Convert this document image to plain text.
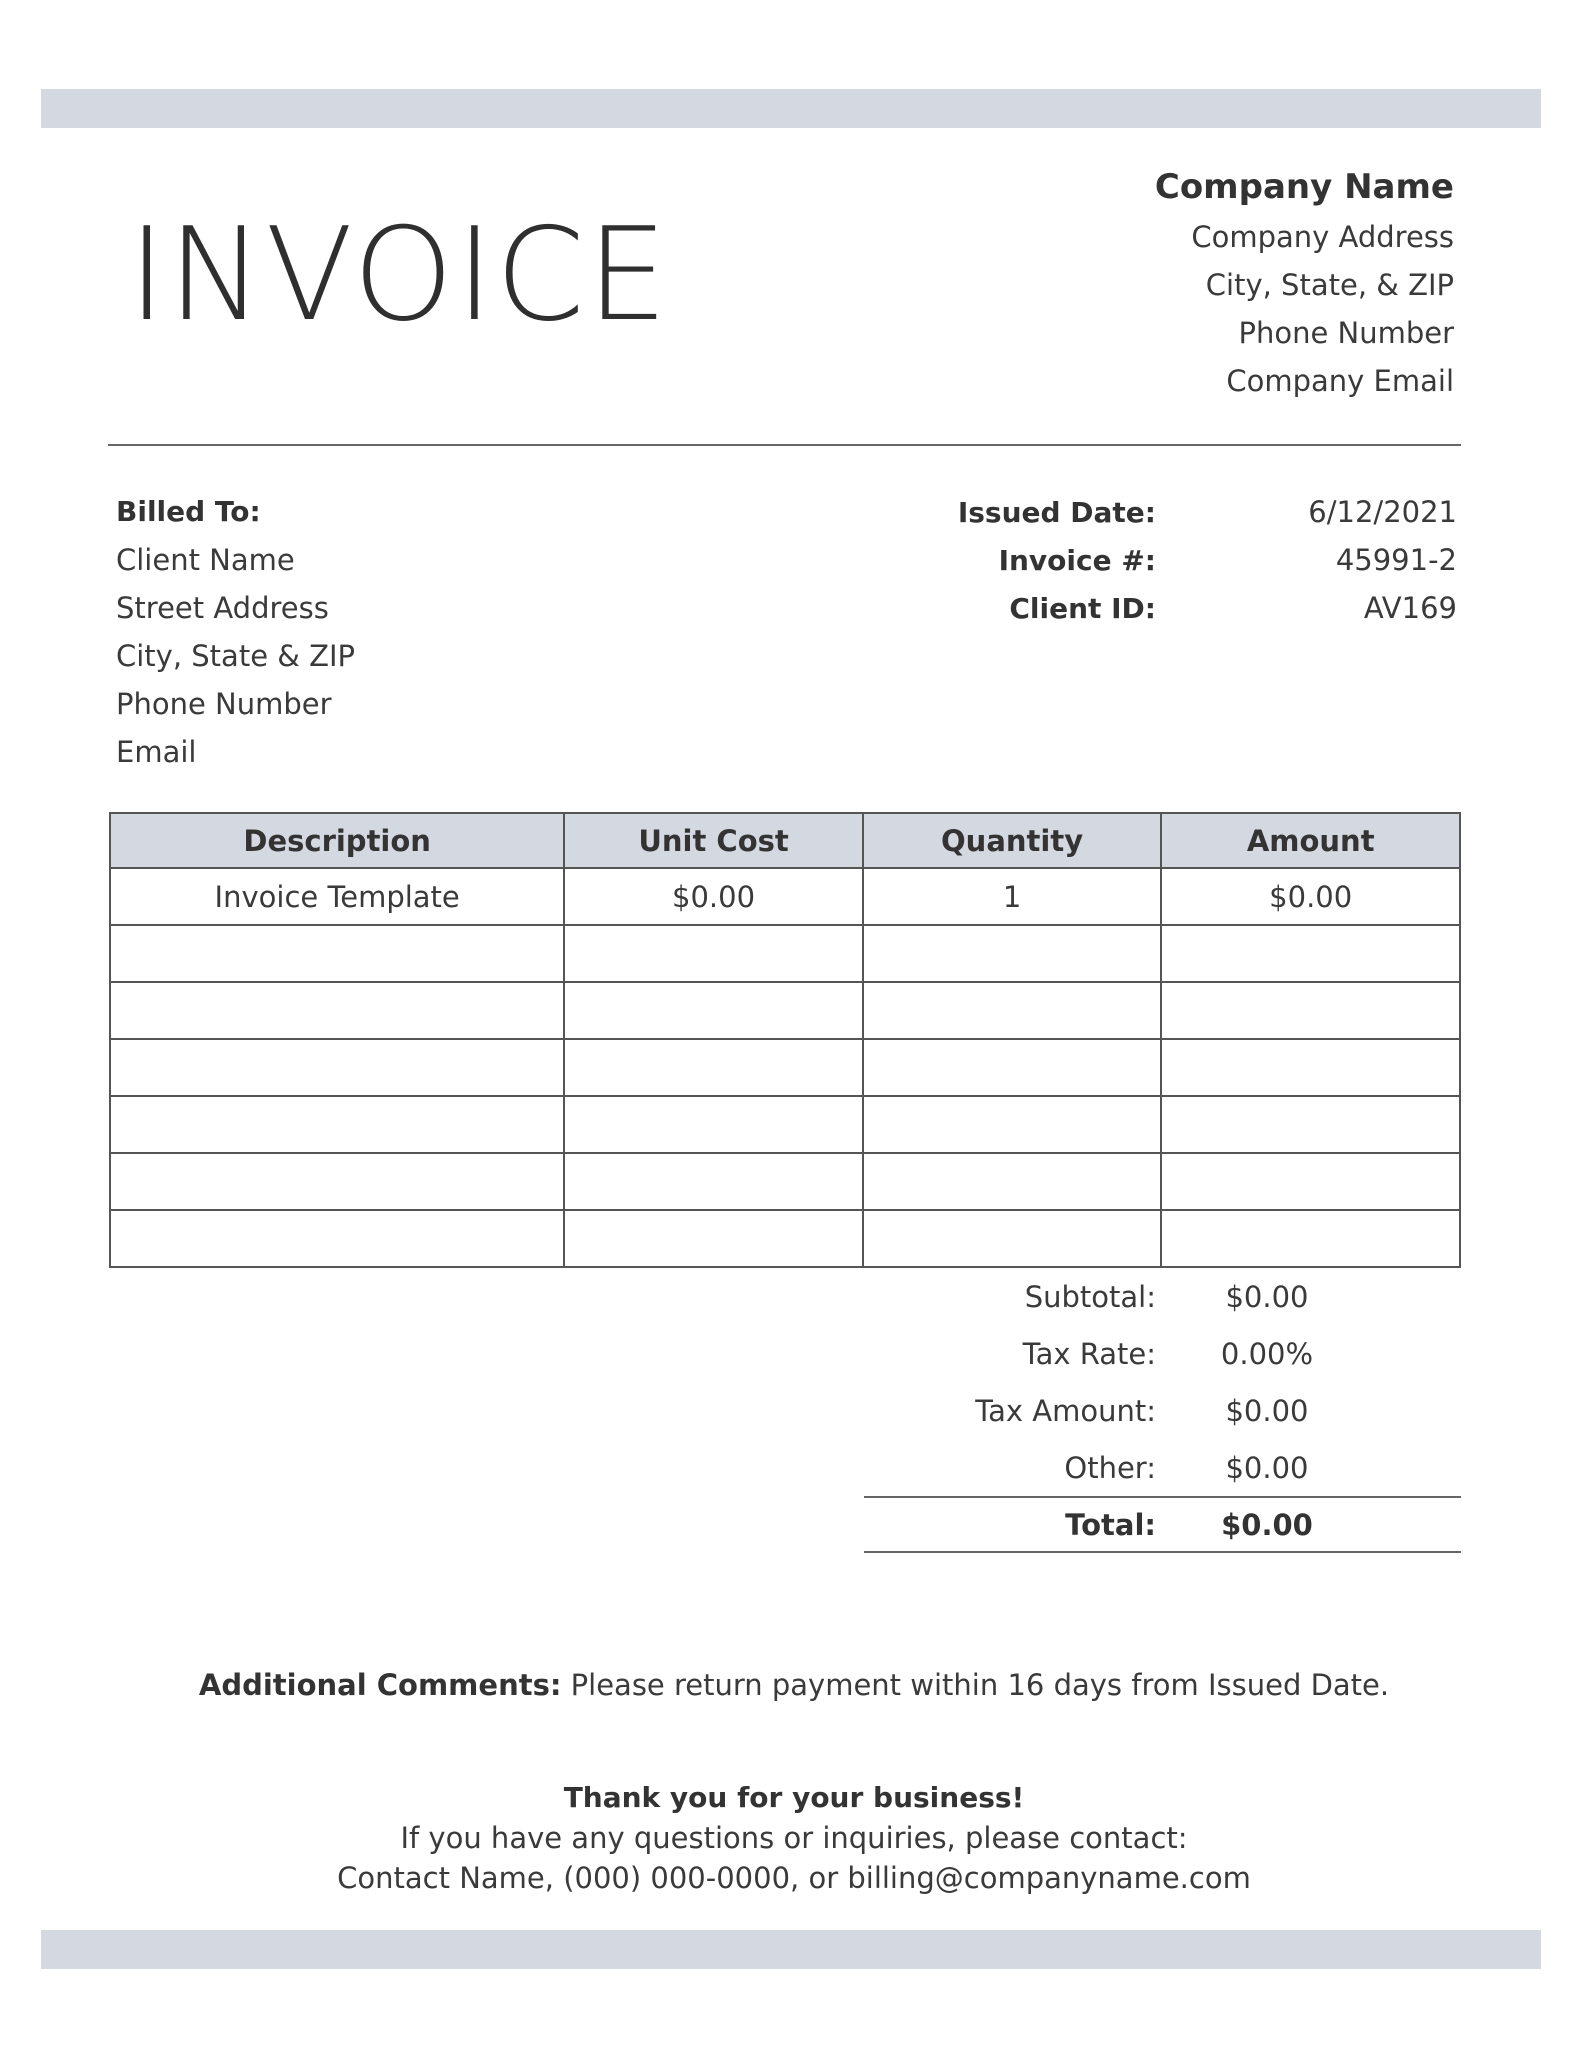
INVOICE
Company Name
Company Address
City, State, & ZIP
Phone Number
Company Email
Billed To:
Client Name
Street Address
City, State & ZIP
Phone Number
Email
Issued Date:	6/12/2021
Invoice #:	45991-2
Client ID:	AV169
Description	Unit Cost	Quantity	Amount
Invoice Template	$0.00	1	$0.00

Subtotal:	$0.00
Tax Rate:	0.00%
Tax Amount:	$0.00
Other:	$0.00
Total:	$0.00
Additional Comments: Please return payment within 16 days from Issued Date.
Thank you for your business!
If you have any questions or inquiries, please contact:
Contact Name, (000) 000-0000, or billing@companyname.com
